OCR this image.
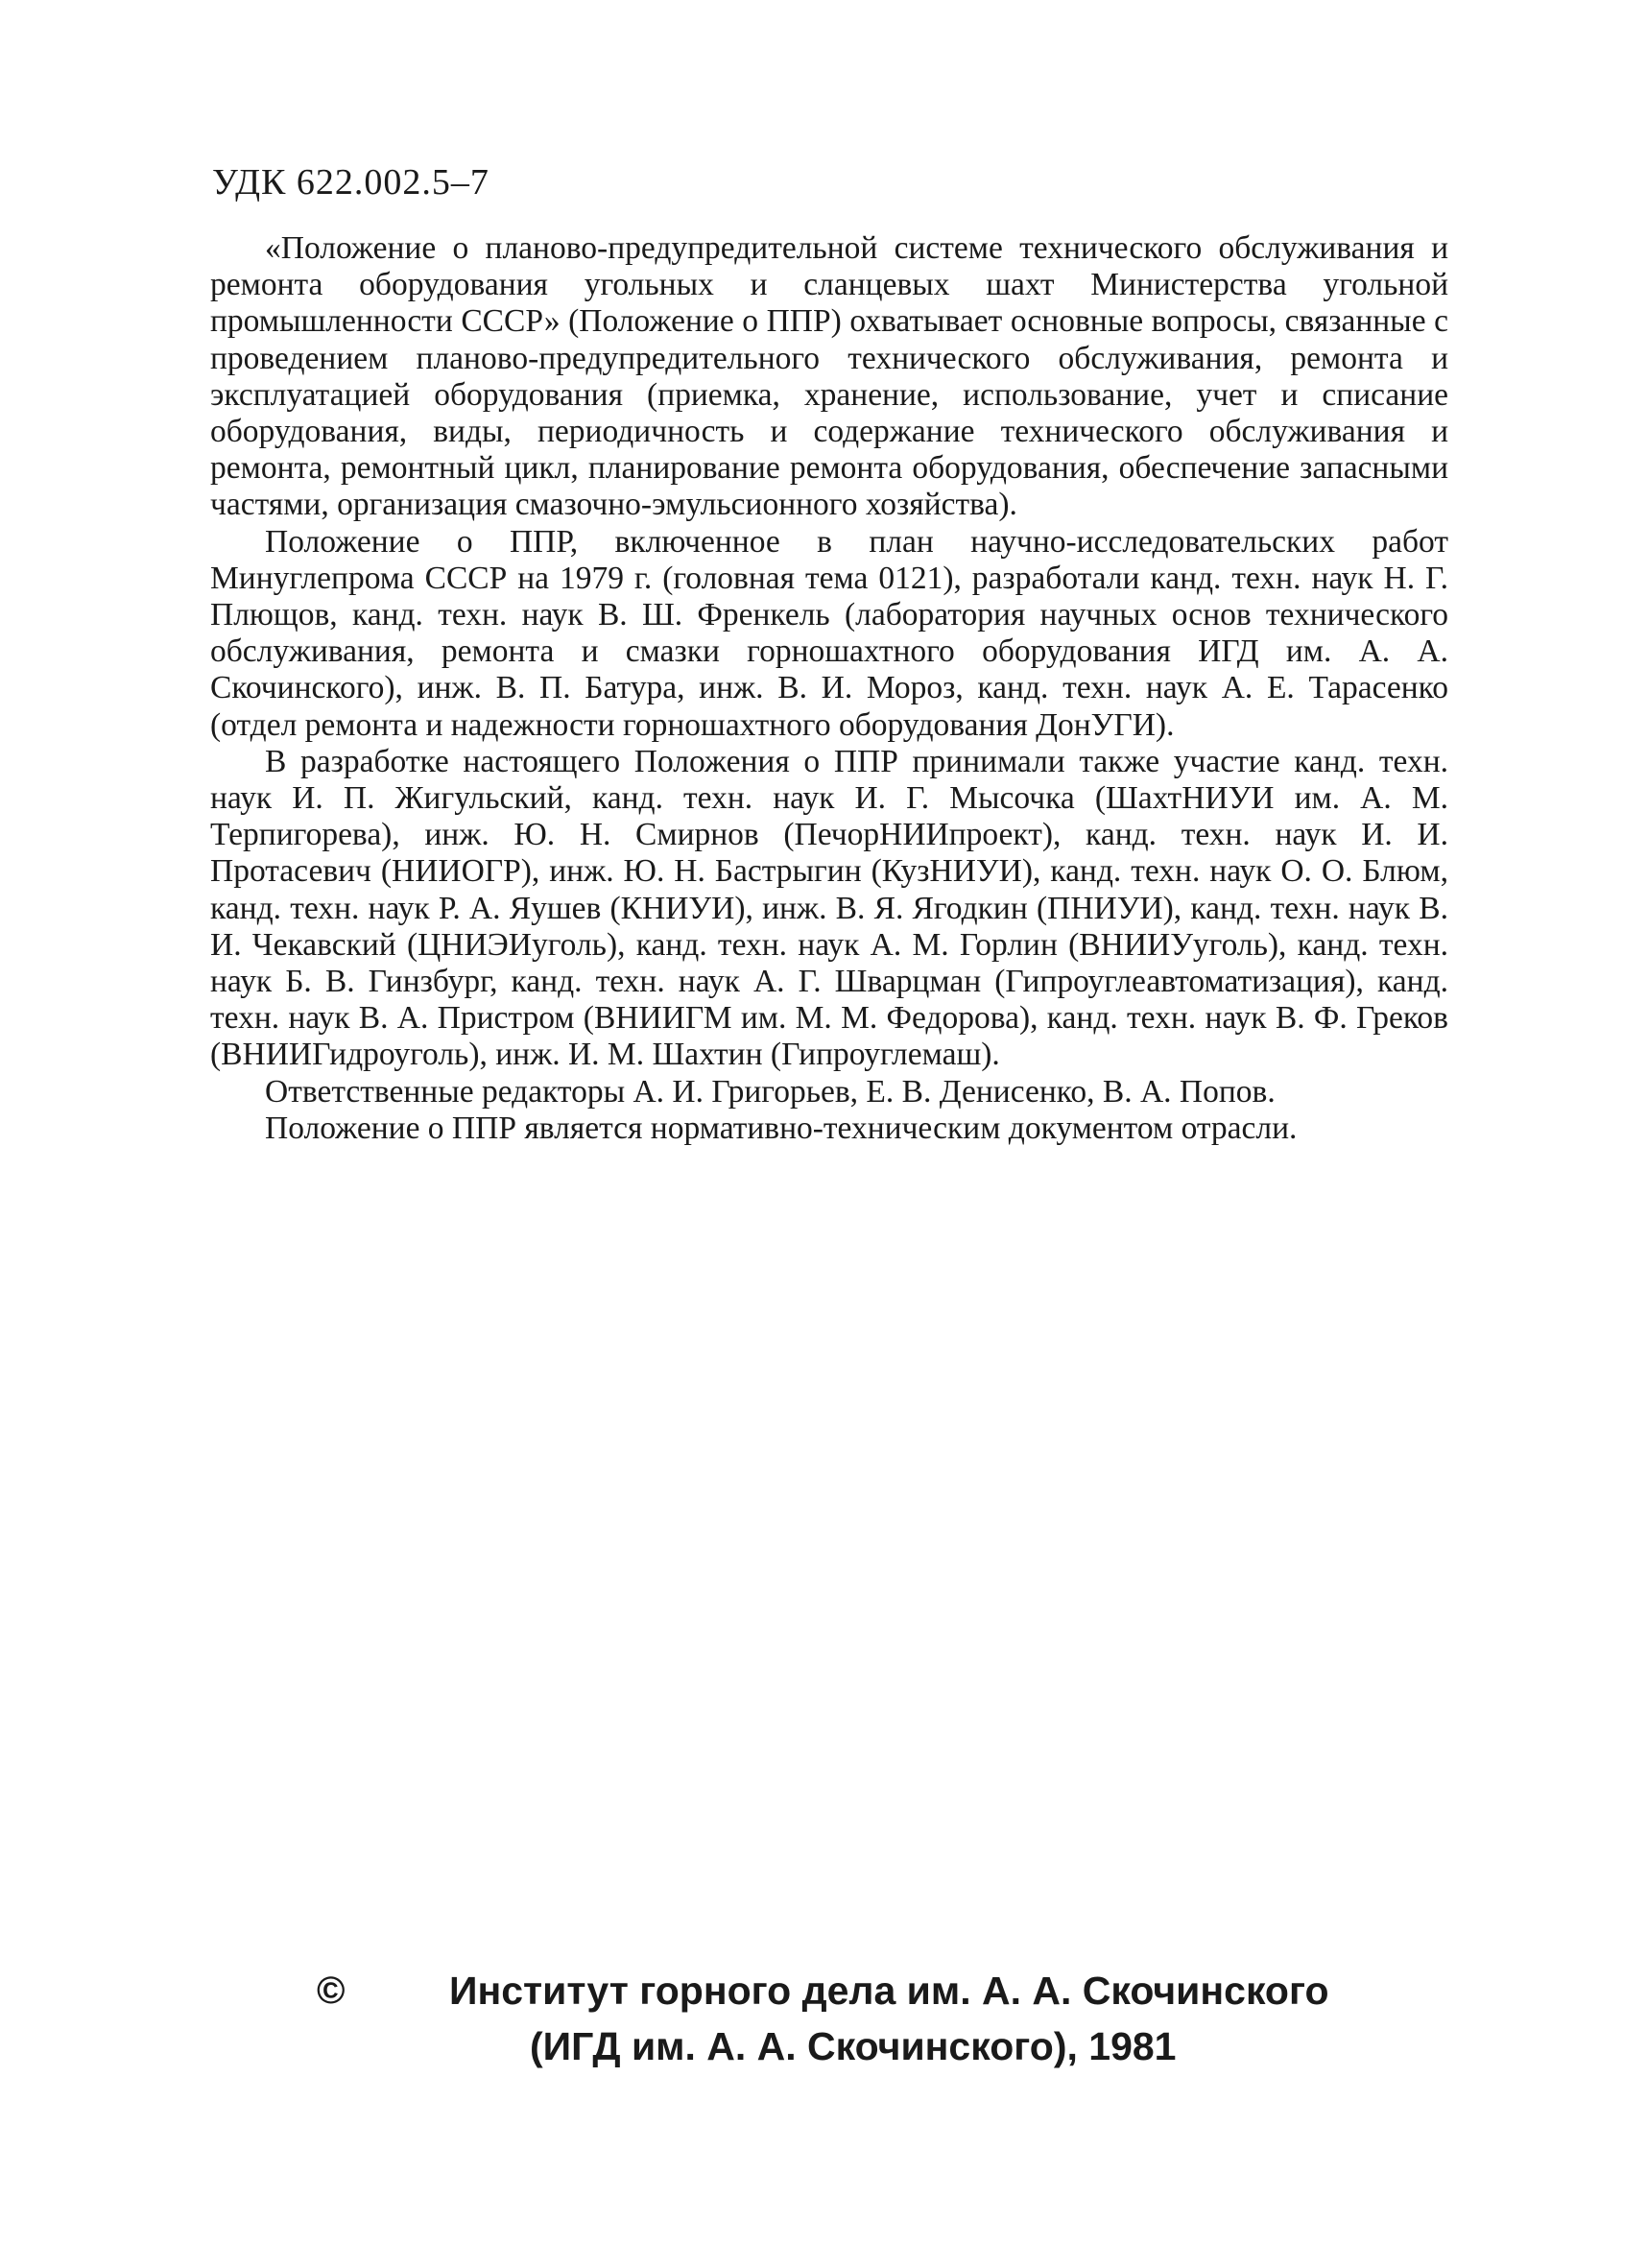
УДК 622.002.5–7

«Положение о планово-предупредительной системе технического обслуживания и ремонта оборудования угольных и сланцевых шахт Министерства угольной промышленности СССР» (Положение о ППР) охватывает основные вопросы, связанные с проведением планово-предупредительного технического обслуживания, ремонта и эксплуатацией оборудования (приемка, хранение, использование, учет и списание оборудования, виды, периодичность и содержание технического обслуживания и ремонта, ремонтный цикл, планирование ремонта оборудования, обеспечение запасными частями, организация смазочно-эмульсионного хозяйства).

Положение о ППР, включенное в план научно-исследовательских работ Минуглепрома СССР на 1979 г. (головная тема 0121), разработали канд. техн. наук Н. Г. Плющов, канд. техн. наук В. Ш. Френкель (лаборатория научных основ технического обслуживания, ремонта и смазки горношахтного оборудования ИГД им. А. А. Скочинского), инж. В. П. Батура, инж. В. И. Мороз, канд. техн. наук А. Е. Тарасенко (отдел ремонта и надежности горношахтного оборудования ДонУГИ).

В разработке настоящего Положения о ППР принимали также участие канд. техн. наук И. П. Жигульский, канд. техн. наук И. Г. Мысочка (ШахтНИУИ им. А. М. Терпигорева), инж. Ю. Н. Смирнов (ПечорНИИпроект), канд. техн. наук И. И. Протасевич (НИИОГР), инж. Ю. Н. Бастрыгин (КузНИУИ), канд. техн. наук О. О. Блюм, канд. техн. наук Р. А. Яушев (КНИУИ), инж. В. Я. Ягодкин (ПНИУИ), канд. техн. наук В. И. Чекавский (ЦНИЭИуголь), канд. техн. наук А. М. Горлин (ВНИИУуголь), канд. техн. наук Б. В. Гинзбург, канд. техн. наук А. Г. Шварцман (Гипроуглеавтоматизация), канд. техн. наук В. А. Пристром (ВНИИГМ им. М. М. Федорова), канд. техн. наук В. Ф. Греков (ВНИИГидроуголь), инж. И. М. Шахтин (Гипроуглемаш).

Ответственные редакторы А. И. Григорьев, Е. В. Денисенко, В. А. Попов.

Положение о ППР является нормативно-техническим документом отрасли.

©	Институт горного дела им. А. А. Скочинского
(ИГД им. А. А. Скочинского), 1981
